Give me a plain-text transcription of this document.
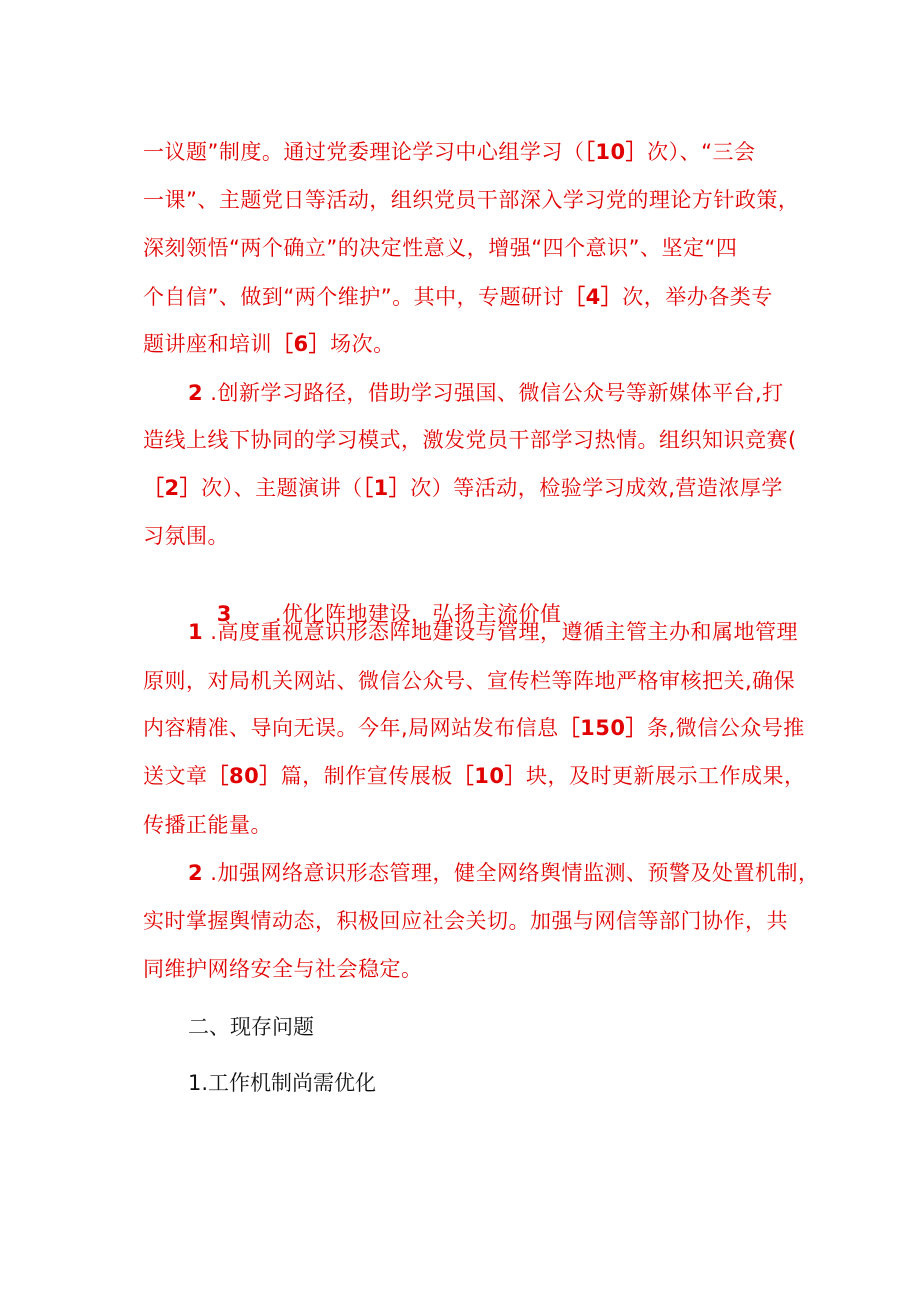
一议题”制度。通过党委理论学习中心组学习（［10］次）、“三会
一课”、主题党日等活动，组织党员干部深入学习党的理论方针政策，
深刻领悟“两个确立”的决定性意义，增强“四个意识”、坚定“四
个自信”、做到“两个维护”。其中，专题研讨［4］次，举办各类专
题讲座和培训［6］场次。
2 .创新学习路径，借助学习强国、微信公众号等新媒体平台,打
造线上线下协同的学习模式，激发党员干部学习热情。组织知识竞赛(
［2］次）、主题演讲（［1］次）等活动，检验学习成效,营造浓厚学
习氛围。

3      .优化阵地建设，弘扬主流价值

1 .高度重视意识形态阵地建设与管理，遵循主管主办和属地管理
原则，对局机关网站、微信公众号、宣传栏等阵地严格审核把关,确保
内容精准、导向无误。今年,局网站发布信息［150］条,微信公众号推
送文章［80］篇，制作宣传展板［10］块，及时更新展示工作成果，
传播正能量。
2 .加强网络意识形态管理，健全网络舆情监测、预警及处置机制，
实时掌握舆情动态，积极回应社会关切。加强与网信等部门协作，共
同维护网络安全与社会稳定。
二、现存问题
1.工作机制尚需优化
